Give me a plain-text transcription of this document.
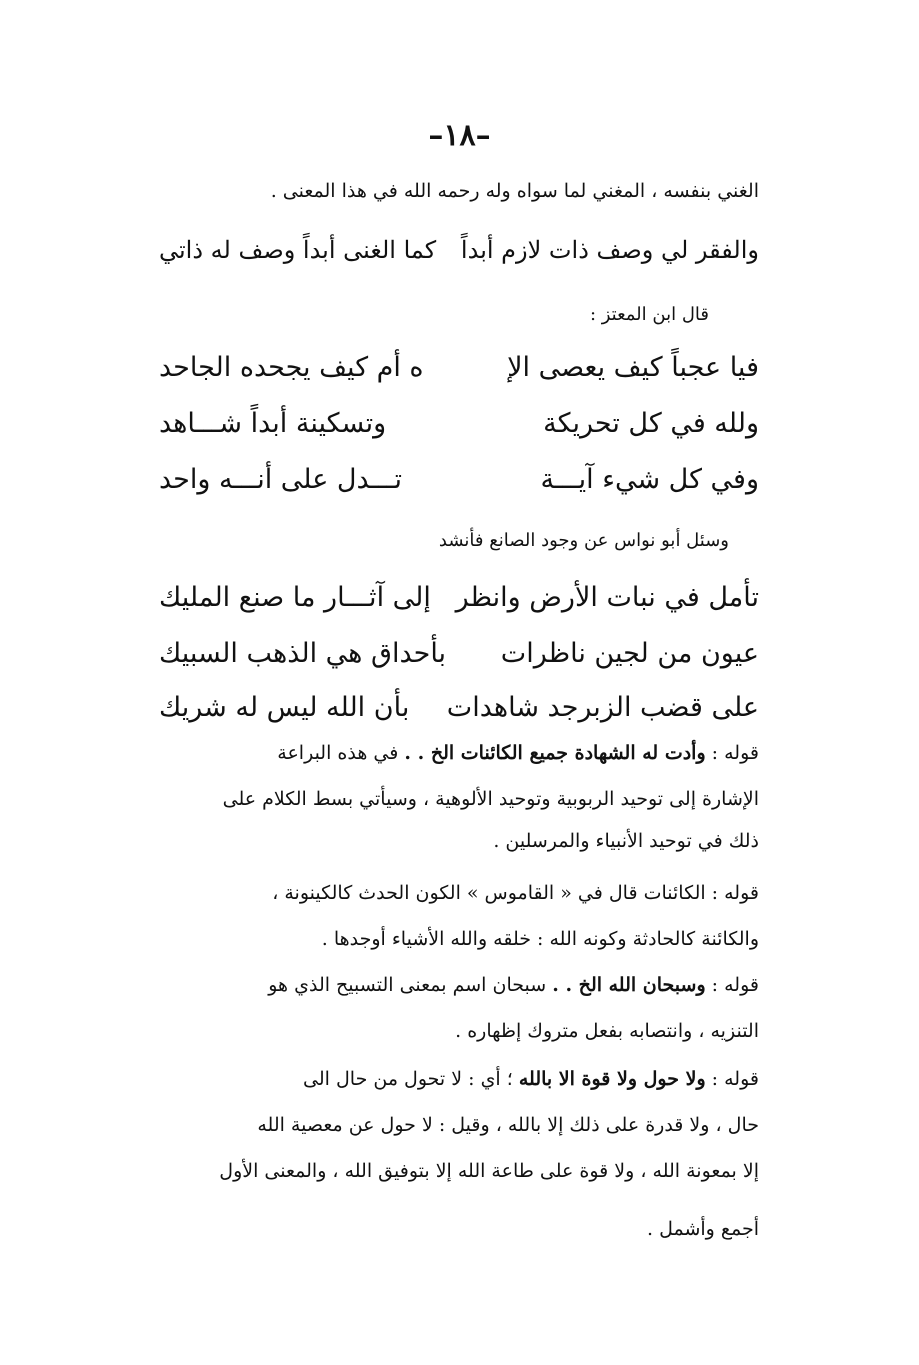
–١٨–
الغني بنفسه ، المغني لما سواه وله رحمه الله في هذا المعنى .
والفقر لي وصف ذات لازم أبداً
كما الغنى أبداً وصف له ذاتي
قال ابن المعتز :
فيا عجباً كيف يعصى الإ
ه أم كيف يجحده الجاحد
وسئل أبو نواس عن وجود الصانع فأنشد
قوله : وأدت له الشهادة جميع الكائنات الخ . . في هذه البراعة
الإشارة إلى توحيد الربوبية وتوحيد الألوهية ، وسيأتي بسط الكلام على
ذلك في توحيد الأنبياء والمرسلين .
قوله : الكائنات قال في « القاموس » الكون الحدث كالكينونة ،
والكائنة كالحادثة وكونه الله : خلقه والله الأشياء أوجدها .
قوله : وسبحان الله الخ . . سبحان اسم بمعنى التسبيح الذي هو
التنزيه ، وانتصابه بفعل متروك إظهاره .
قوله : ولا حول ولا قوة الا بالله ؛ أي : لا تحول من حال الى
حال ، ولا قدرة على ذلك إلا بالله ، وقيل : لا حول عن معصية الله
إلا بمعونة الله ، ولا قوة على طاعة الله إلا بتوفيق الله ، والمعنى الأول
أجمع وأشمل .
ولله في كل تحريكة
وتسكينة أبداً شـــاهد
وفي كل شيء آيـــة
تـــدل على أنـــه واحد
تأمل في نبات الأرض وانظر
إلى آثـــار ما صنع المليك
عيون من لجين ناظرات
بأحداق هي الذهب السبيك
على قضب الزبرجد شاهدات
بأن الله ليس له شريك
